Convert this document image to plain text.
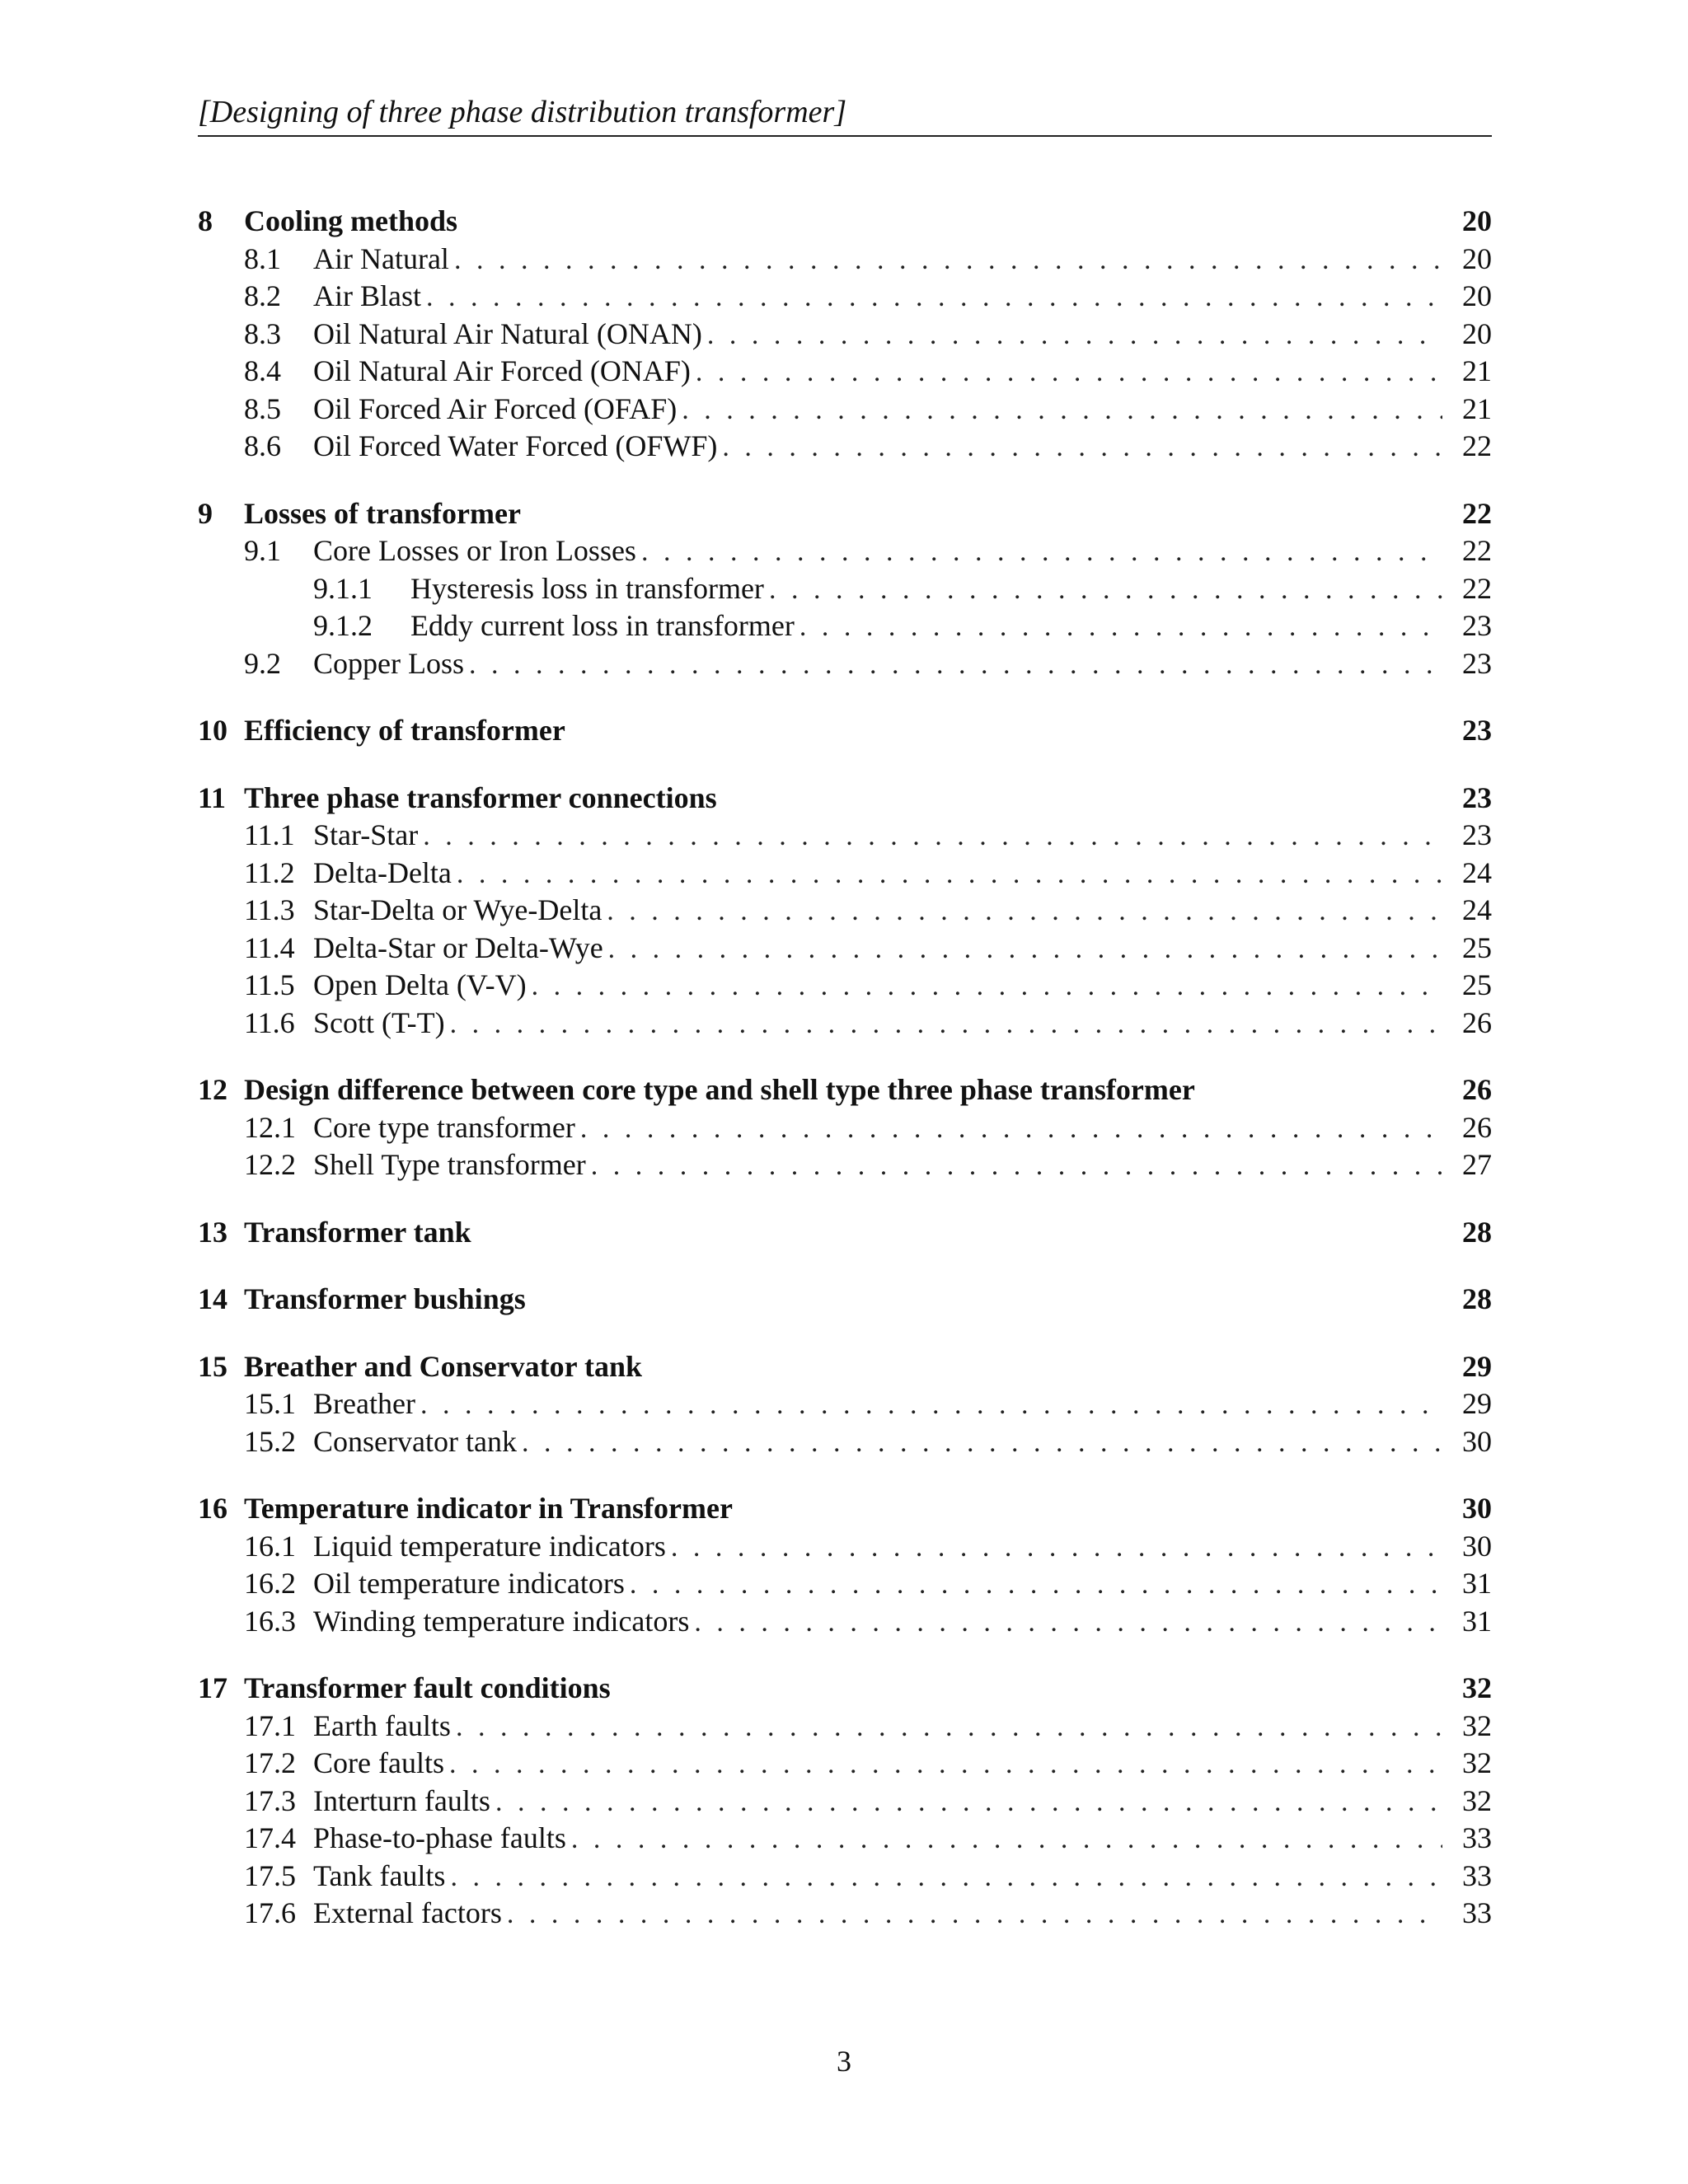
[Designing of three phase distribution transformer]
8	Cooling methods	20
8.1	Air Natural . . .	20
8.2	Air Blast . . .	20
8.3	Oil Natural Air Natural (ONAN) . . .	20
8.4	Oil Natural Air Forced (ONAF) . . .	21
8.5	Oil Forced Air Forced (OFAF) . . .	21
8.6	Oil Forced Water Forced (OFWF) . . .	22
9	Losses of transformer	22
9.1	Core Losses or Iron Losses . . .	22
9.1.1	Hysteresis loss in transformer . . .	22
9.1.2	Eddy current loss in transformer . . .	23
9.2	Copper Loss . . .	23
10 Efficiency of transformer	23
11 Three phase transformer connections	23
11.1 Star-Star . . .	23
11.2 Delta-Delta . . .	24
11.3 Star-Delta or Wye-Delta . . .	24
11.4 Delta-Star or Delta-Wye . . .	25
11.5 Open Delta (V-V) . . .	25
11.6 Scott (T-T) . . .	26
12 Design difference between core type and shell type three phase transformer	26
12.1 Core type transformer . . .	26
12.2 Shell Type transformer . . .	27
13 Transformer tank	28
14 Transformer bushings	28
15 Breather and Conservator tank	29
15.1 Breather . . .	29
15.2 Conservator tank . . .	30
16 Temperature indicator in Transformer	30
16.1 Liquid temperature indicators . . .	30
16.2 Oil temperature indicators . . .	31
16.3 Winding temperature indicators . . .	31
17 Transformer fault conditions	32
17.1 Earth faults . . .	32
17.2 Core faults . . .	32
17.3 Interturn faults . . .	32
17.4 Phase-to-phase faults . . .	33
17.5 Tank faults . . .	33
17.6 External factors . . .	33
3
